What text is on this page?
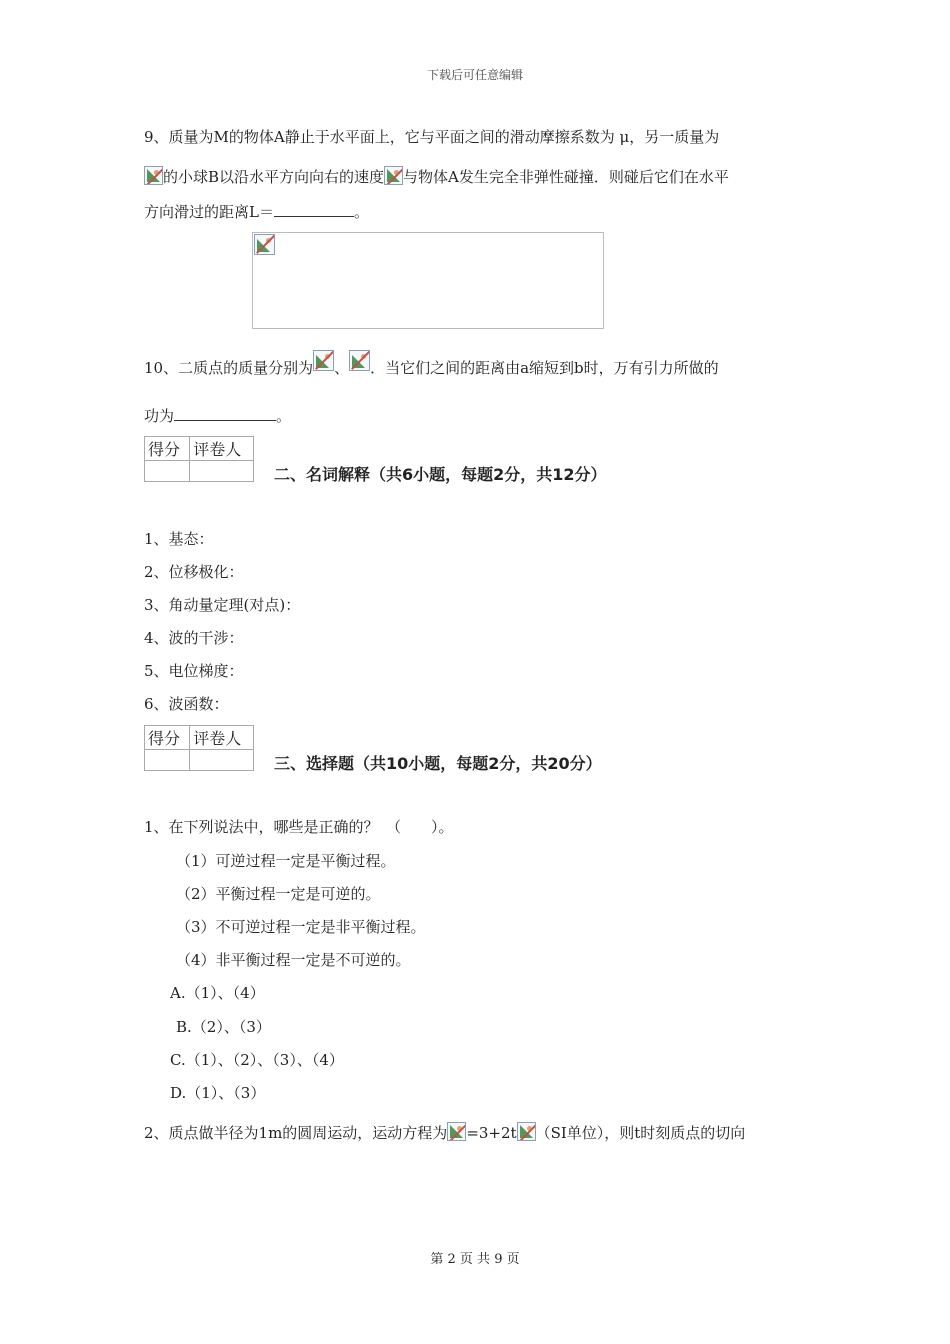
下载后可任意编辑
9、质量为M的物体A静止于水平面上，它与平面之间的滑动摩擦系数为 μ，另一质量为
的小球B以沿水平方向向右的速度 与物体A发生完全非弹性碰撞．则碰后它们在水平
方向滑过的距离L＝	。
10、二质点的质量分别为 、 ．当它们之间的距离由a缩短到b时，万有引力所做的
功为	。
得分	评卷人

二、名词解释（共6小题，每题2分，共12分）
1、基态：
2、位移极化：
3、角动量定理(对点)：
4、波的干涉：
5、电位梯度：
6、波函数：
得分	评卷人

三、选择题（共10小题，每题2分，共20分）
1、在下列说法中，哪些是正确的？　（　　）。
（1）可逆过程一定是平衡过程。
（2）平衡过程一定是可逆的。
（3）不可逆过程一定是非平衡过程。
（4）非平衡过程一定是不可逆的。
A.（1）、（4）
B.（2）、（3）
C.（1）、（2）、（3）、（4）
D.（1）、（3）
2、质点做半径为1m的圆周运动，运动方程为 =3+2t （SI单位），则t时刻质点的切向
第 2 页 共 9 页
